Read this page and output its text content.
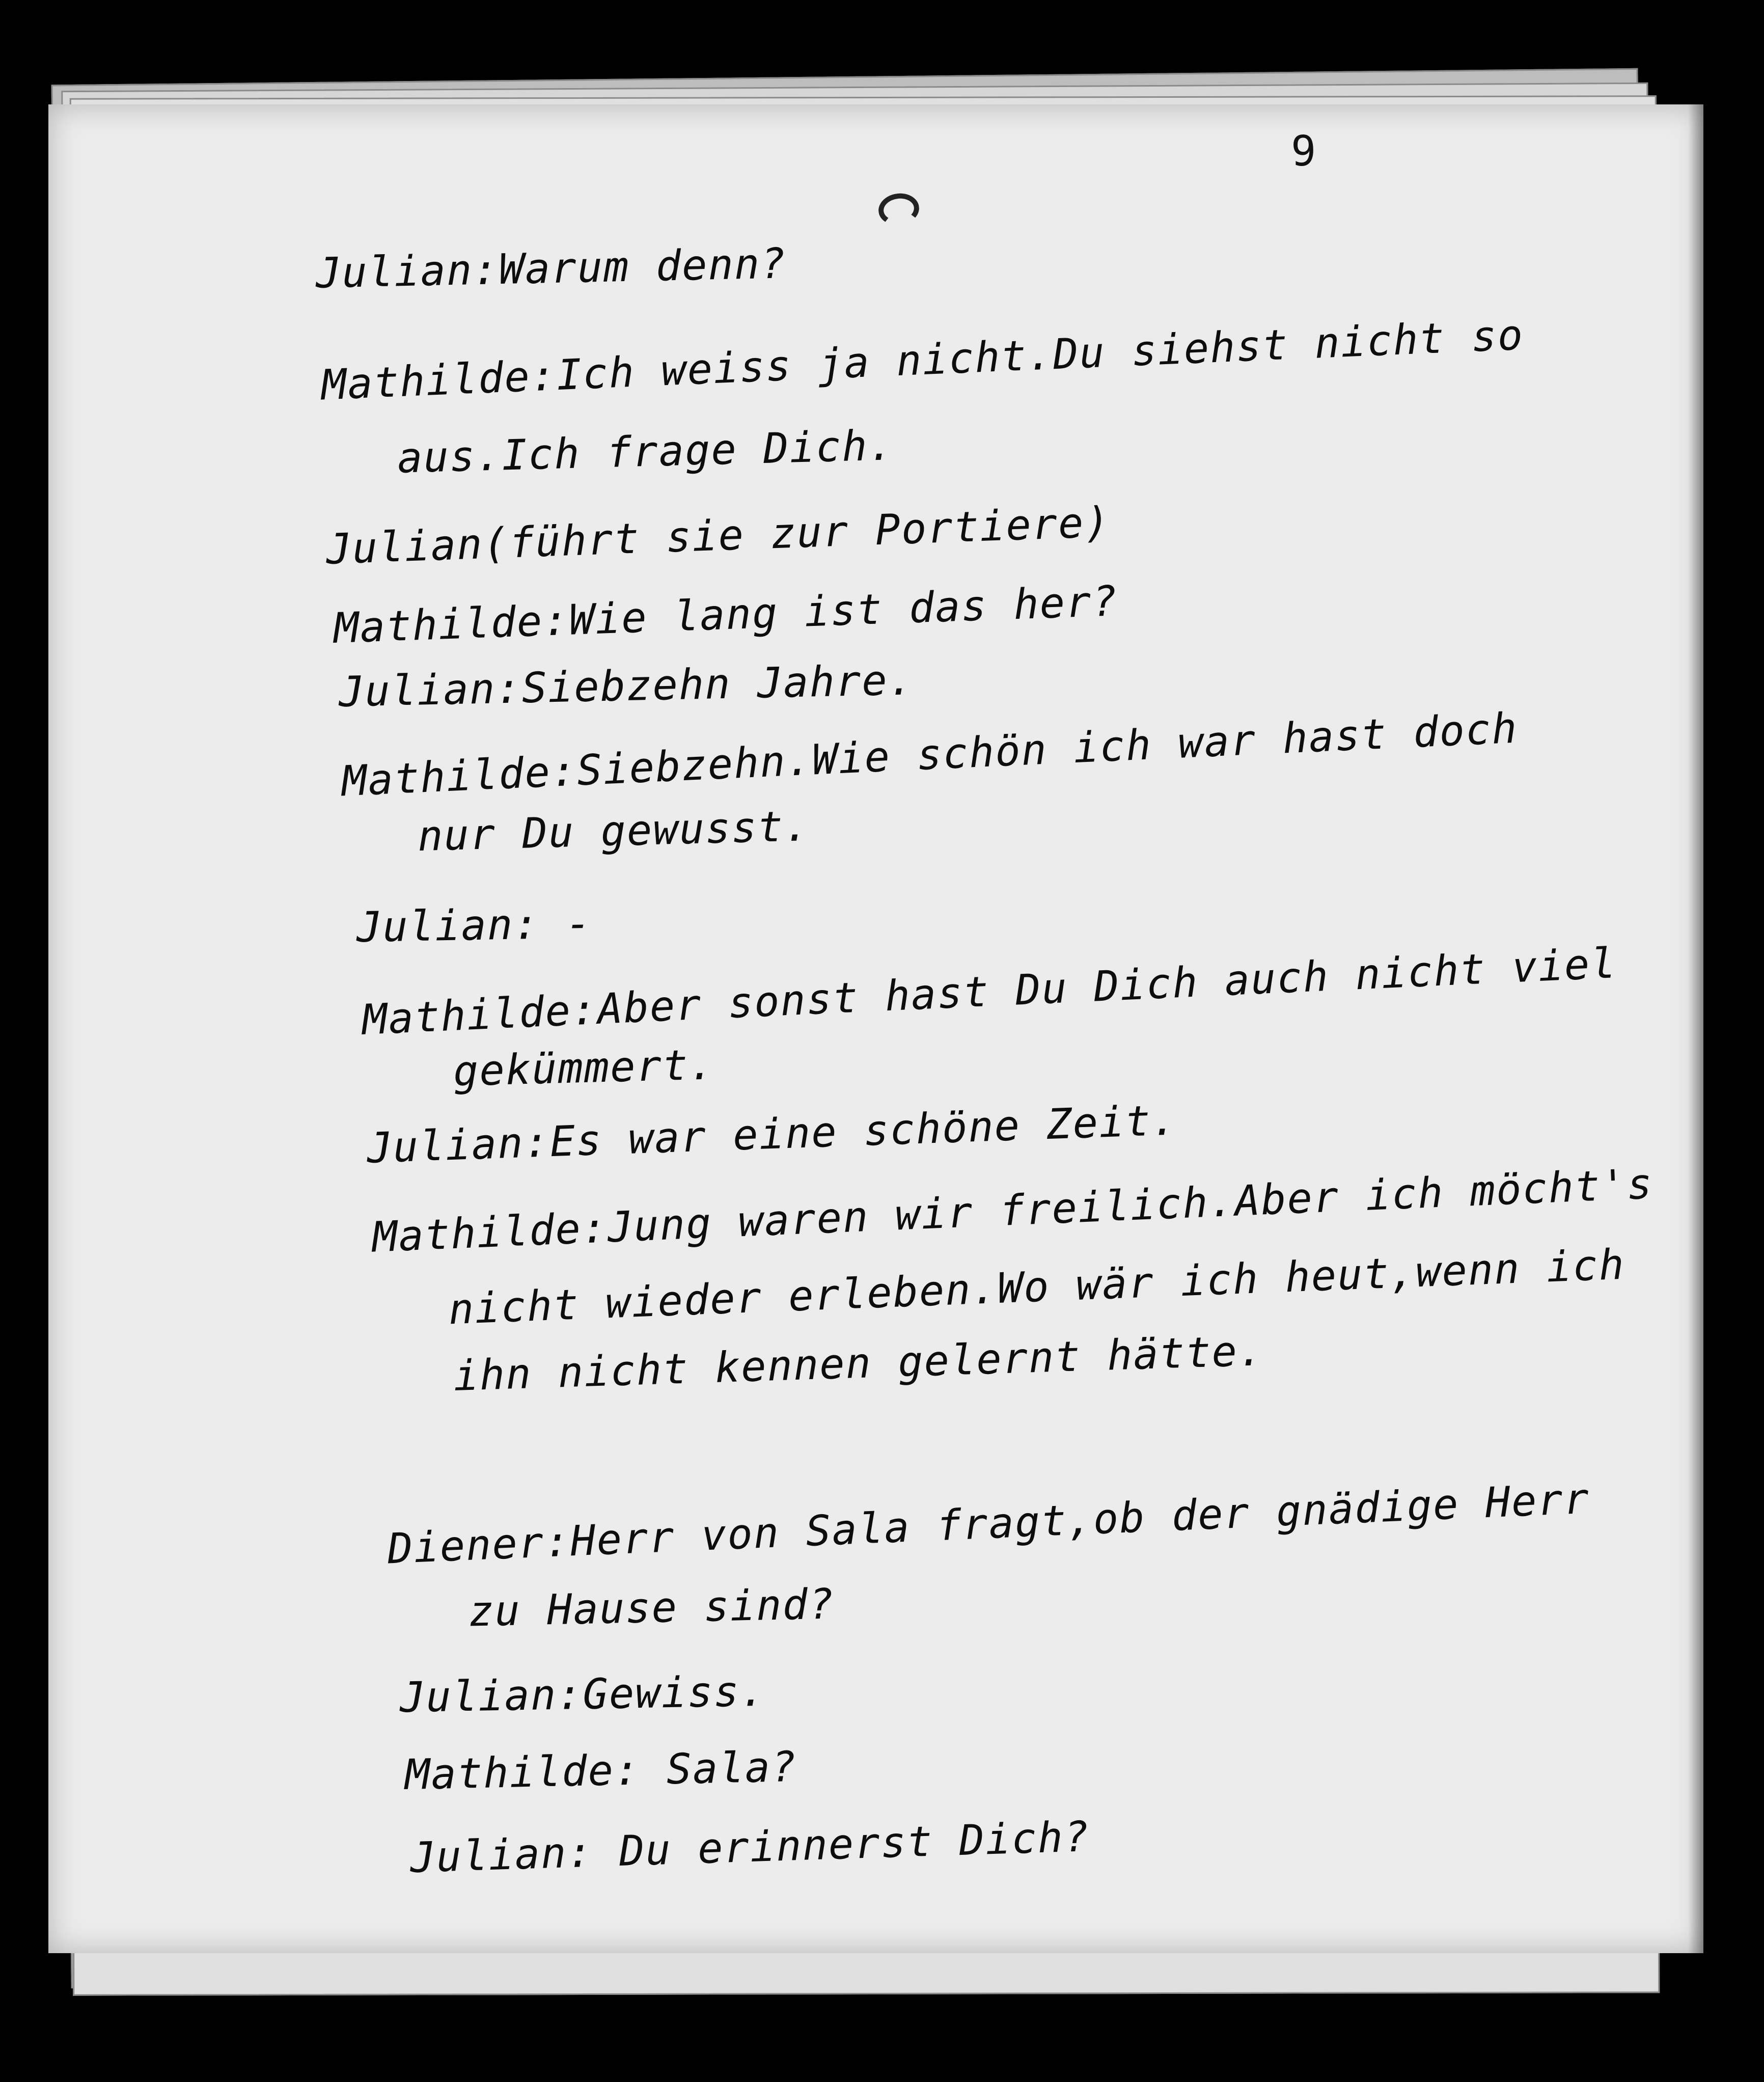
9
Julian:Warum denn?
Mathilde:Ich weiss ja nicht.Du siehst nicht so
aus.Ich frage Dich.
Julian(führt sie zur Portiere)
Mathilde:Wie lang ist das her?
Julian:Siebzehn Jahre.
Mathilde:Siebzehn.Wie schön ich war hast doch
nur Du gewusst.
Julian: -
Mathilde:Aber sonst hast Du Dich auch nicht viel
gekümmert.
Julian:Es war eine schöne Zeit.
Mathilde:Jung waren wir freilich.Aber ich möcht's
nicht wieder erleben.Wo wär ich heut,wenn ich
ihn nicht kennen gelernt hätte.
Diener:Herr von Sala fragt,ob der gnädige Herr
zu Hause sind?
Julian:Gewiss.
Mathilde: Sala?
Julian: Du erinnerst Dich?
